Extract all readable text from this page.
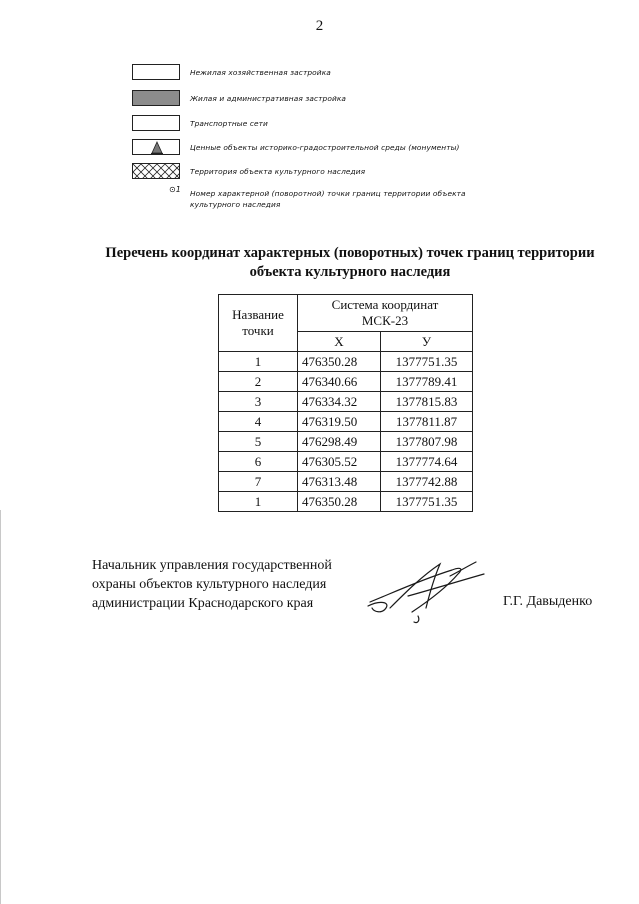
2
Нежилая хозяйственная застройка
Жилая и административная застройка
Транспортные сети
Ценные объекты историко-градостроительной среды (монументы)
Территория объекта культурного наследия
⊙1 Номер характерной (поворотной) точки границ территории объекта культурного наследия
Перечень координат характерных (поворотных) точек границ территории
объекта культурного наследия
Название точки	Система координат
МСК-23	

	X	У
1	476350.28	1377751.35
2	476340.66	1377789.41
3	476334.32	1377815.83
4	476319.50	1377811.87
5	476298.49	1377807.98
6	476305.52	1377774.64
7	476313.48	1377742.88
1	476350.28	1377751.35
Начальник управления государственной
охраны объектов культурного наследия
администрации Краснодарского края	Г.Г. Давыденко
